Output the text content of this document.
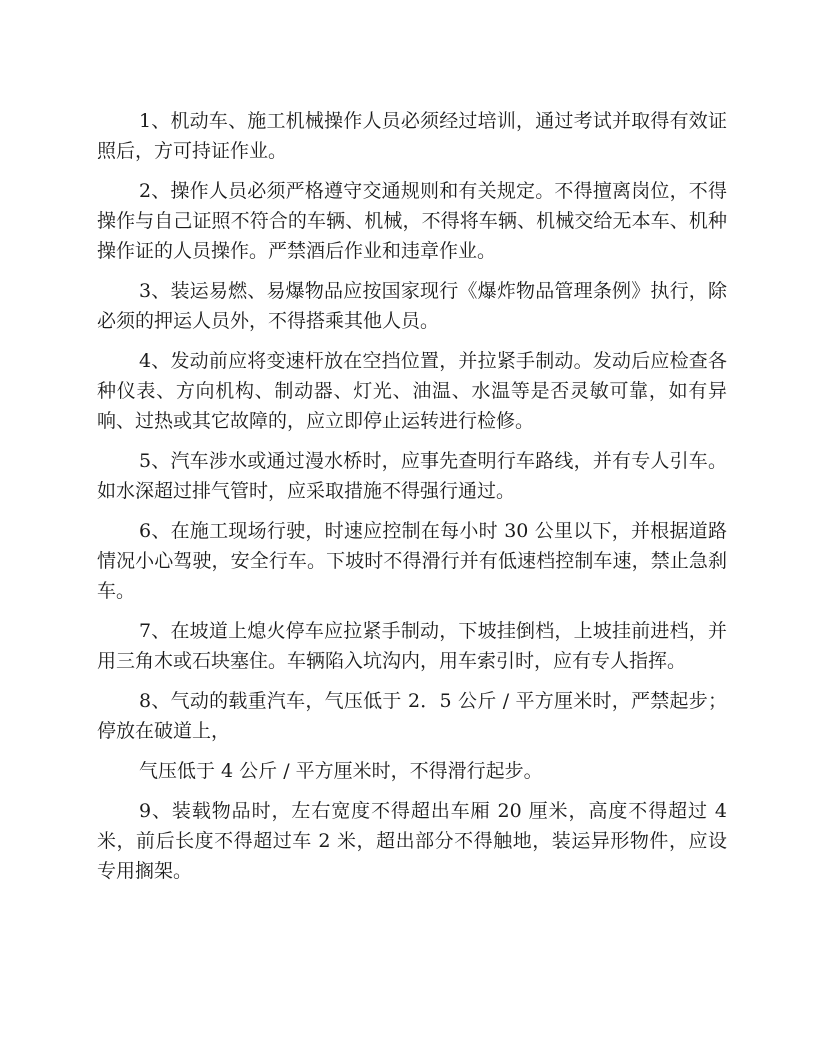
1、机动车、施工机械操作人员必须经过培训，通过考试并取得有效证照后，方可持证作业。

2、操作人员必须严格遵守交通规则和有关规定。不得擅离岗位，不得操作与自己证照不符合的车辆、机械，不得将车辆、机械交给无本车、机种操作证的人员操作。严禁酒后作业和违章作业。

3、装运易燃、易爆物品应按国家现行《爆炸物品管理条例》执行，除必须的押运人员外，不得搭乘其他人员。

4、发动前应将变速杆放在空挡位置，并拉紧手制动。发动后应检查各种仪表、方向机构、制动器、灯光、油温、水温等是否灵敏可靠，如有异响、过热或其它故障的，应立即停止运转进行检修。

5、汽车涉水或通过漫水桥时，应事先查明行车路线，并有专人引车。如水深超过排气管时，应采取措施不得强行通过。

6、在施工现场行驶，时速应控制在每小时 30 公里以下，并根据道路情况小心驾驶，安全行车。下坡时不得滑行并有低速档控制车速，禁止急刹车。

7、在坡道上熄火停车应拉紧手制动，下坡挂倒档，上坡挂前进档，并用三角木或石块塞住。车辆陷入坑沟内，用车索引时，应有专人指挥。

8、气动的载重汽车，气压低于 2．5 公斤 / 平方厘米时，严禁起步；停放在破道上，

气压低于 4 公斤 / 平方厘米时，不得滑行起步。

9、装载物品时，左右宽度不得超出车厢 20 厘米，高度不得超过 4 米，前后长度不得超过车 2 米，超出部分不得触地，装运异形物件，应设专用搁架。
